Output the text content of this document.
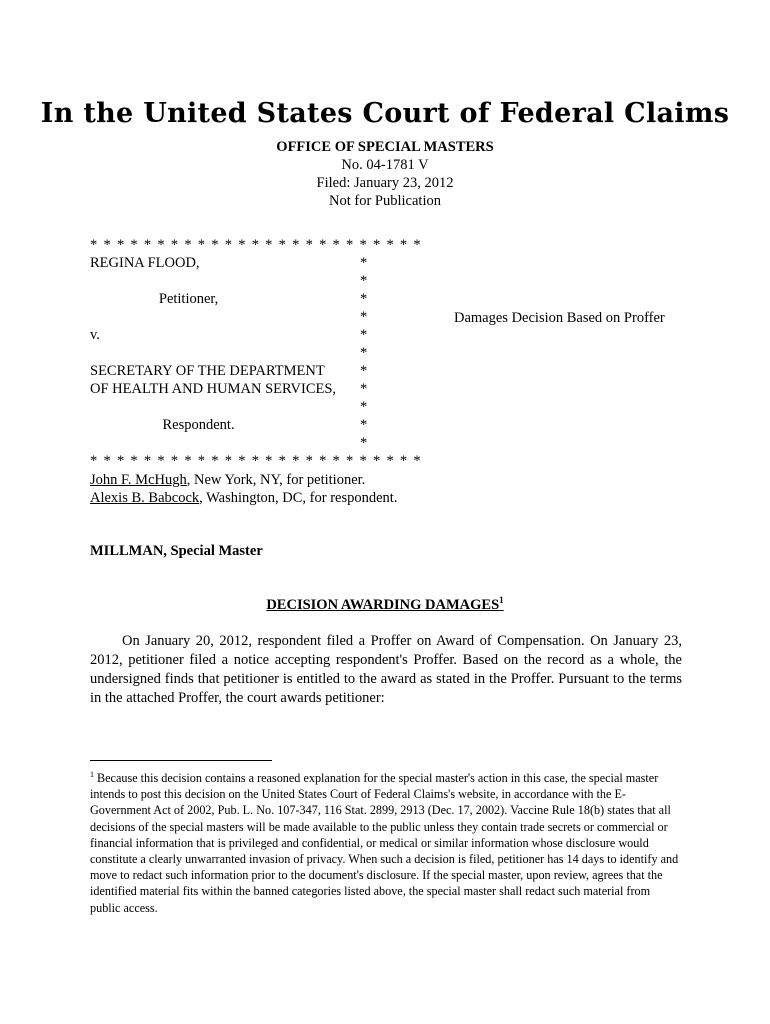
In the United States Court of Federal Claims
OFFICE OF SPECIAL MASTERS
No. 04-1781 V
Filed: January 23, 2012
Not for Publication
* * * * * * * * * * * * * * * * * * * * * * * * *
REGINA FLOOD,
Petitioner,
v.
SECRETARY OF THE DEPARTMENT
OF HEALTH AND HUMAN SERVICES,
Respondent.
*
*
*
*
*
*
*
*
*
*
*
* * * * * * * * * * * * * * * * * * * * * * * * *
Damages Decision Based on Proffer
John F. McHugh, New York, NY, for petitioner.
Alexis B. Babcock, Washington, DC, for respondent.
MILLMAN, Special Master
DECISION AWARDING DAMAGES$^1$
On January 20, 2012, respondent filed a Proffer on Award of Compensation. On January 23, 2012, petitioner filed a notice accepting respondent's Proffer. Based on the record as a whole, the undersigned finds that petitioner is entitled to the award as stated in the Proffer. Pursuant to the terms in the attached Proffer, the court awards petitioner:
$^1$ Because this decision contains a reasoned explanation for the special master's action in this case, the special master intends to post this decision on the United States Court of Federal Claims's website, in accordance with the E-Government Act of 2002, Pub. L. No. 107-347, 116 Stat. 2899, 2913 (Dec. 17, 2002). Vaccine Rule 18(b) states that all decisions of the special masters will be made available to the public unless they contain trade secrets or commercial or financial information that is privileged and confidential, or medical or similar information whose disclosure would constitute a clearly unwarranted invasion of privacy. When such a decision is filed, petitioner has 14 days to identify and move to redact such information prior to the document's disclosure. If the special master, upon review, agrees that the identified material fits within the banned categories listed above, the special master shall redact such material from public access.
